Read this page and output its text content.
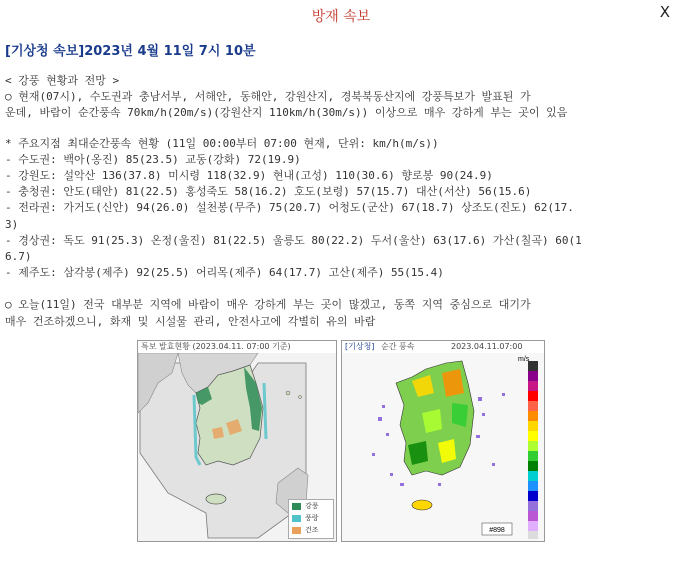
방재 속보	X
[기상청 속보]2023년 4월 11일 7시 10분
< 강풍 현황과 전망 >
○ 현재(07시), 수도권과 충남서부, 서해안, 동해안, 강원산지, 경북북동산지에 강풍특보가 발표된 가
운데, 바람이 순간풍속 70km/h(20m/s)(강원산지 110km/h(30m/s)) 이상으로 매우 강하게 부는 곳이 있음
* 주요지점 최대순간풍속 현황 (11일 00:00부터 07:00 현재, 단위: km/h(m/s))
- 수도권: 백아(옹진) 85(23.5) 교동(강화) 72(19.9)
- 강원도: 설악산 136(37.8) 미시령 118(32.9) 현내(고성) 110(30.6) 향로봉 90(24.9)
- 충청권: 안도(태안) 81(22.5) 홍성죽도 58(16.2) 호도(보령) 57(15.7) 대산(서산) 56(15.6)
- 전라권: 가거도(신안) 94(26.0) 설천봉(무주) 75(20.7) 어청도(군산) 67(18.7) 상조도(진도) 62(17.
3)
- 경상권: 독도 91(25.3) 온정(울진) 81(22.5) 울릉도 80(22.2) 두서(울산) 63(17.6) 가산(칠곡) 60(1
6.7)
- 제주도: 삼각봉(제주) 92(25.5) 어리목(제주) 64(17.7) 고산(제주) 55(15.4)
○ 오늘(11일) 전국 대부분 지역에 바람이 매우 강하게 부는 곳이 많겠고, 동쪽 지역 중심으로 대기가
매우 건조하겠으니, 화재 및 시설물 관리, 안전사고에 각별히 유의 바람
특보 발효현황 (2023.04.11. 07:00 기준)
강풍
풍랑
건조
[기상청] 순간 풍속	2023.04.11.07:00
#898
m/s
